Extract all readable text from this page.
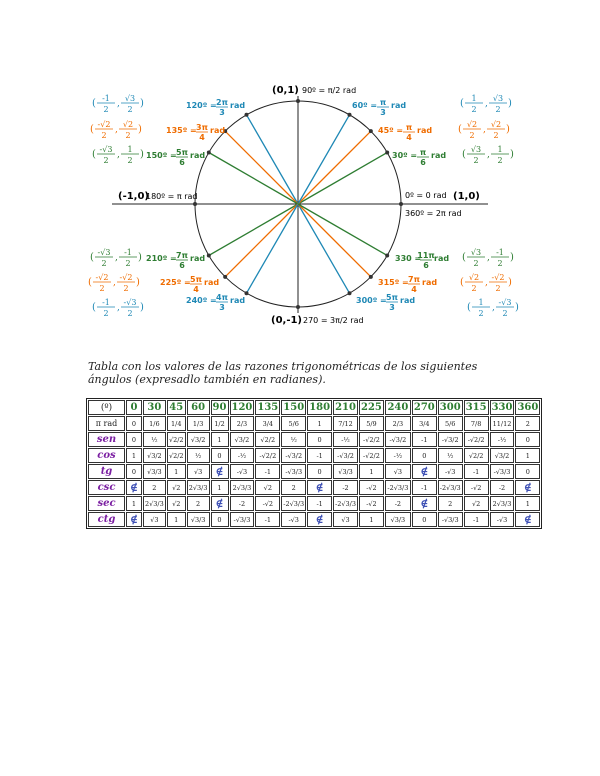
(0,1)
(0,-1)
(-1,0)	(1,0)
90º = π/2 rad
270 = 3π/2 rad
180º = π rad	0º = 0 rad
360º = 2π rad
30º = π
6
rad
45º = π
4
rad
60º = π
3
rad
120º = 2π
3
rad
135º = 3π
4
rad
150º = 5π
6
rad
210º = 7π
6
rad
225º = 5π
4
rad
240º = 4π
3
rad	300º = 5π
3
rad
315º = 7π
4
rad
330 =
11π
6
rad
( √3
2
,
1
2
)
( √2
2
,
√2
2
)
( 1
2
,
√3
2
)
( -1
2
,
√3
2
)
( -√2
2
,
√2
2
)
( -√3
2
,
1
2
)
( -√3
2
,
-1
2
)
( -√2
2
,
-√2
2
)
( -1
2
,
-√3
2
)	( 1
2
,
-√3
2
)
( √2
2
,
-√2
2
)
( √3
2
,
-1
2
)
Tabla con los valores de las razones trigonométricas de los siguientes ángulos (expresadlo también en radianes).
(º)	0	30	45	60	90	120	135	150	180	210	225	240	270	300	315	330	360
π rad	0	1/6	1/4	1/3	1/2	2/3	3/4	5/6	1	7/12	5/9	2/3	3/4	5/6	7/8	11/12	2
sen	0	½	√2/2	√3/2	1	√3/2	√2/2	½	0	-½	-√2/2	-√3/2	-1	-√3/2	-√2/2	-½	0
cos	1	√3/2	√2/2	½	0	-½	-√2/2	-√3/2	-1	-√3/2	-√2/2	-½	0	½	√2/2	√3/2	1
tg	0	√3/3	1	√3	∉	-√3	-1	-√3/3	0	√3/3	1	√3	∉	-√3	-1	-√3/3	0
csc	∉	2	√2	2√3/3	1	2√3/3	√2	2	∉	-2	-√2	-2√3/3	-1	-2√3/3	-√2	-2	∉
sec	1	2√3/3	√2	2	∉	-2	-√2	-2√3/3	-1	-2√3/3	-√2	-2	∉	2	√2	2√3/3	1
ctg	∉	√3	1	√3/3	0	-√3/3	-1	-√3	∉	√3	1	√3/3	0	-√3/3	-1	-√3	∉
